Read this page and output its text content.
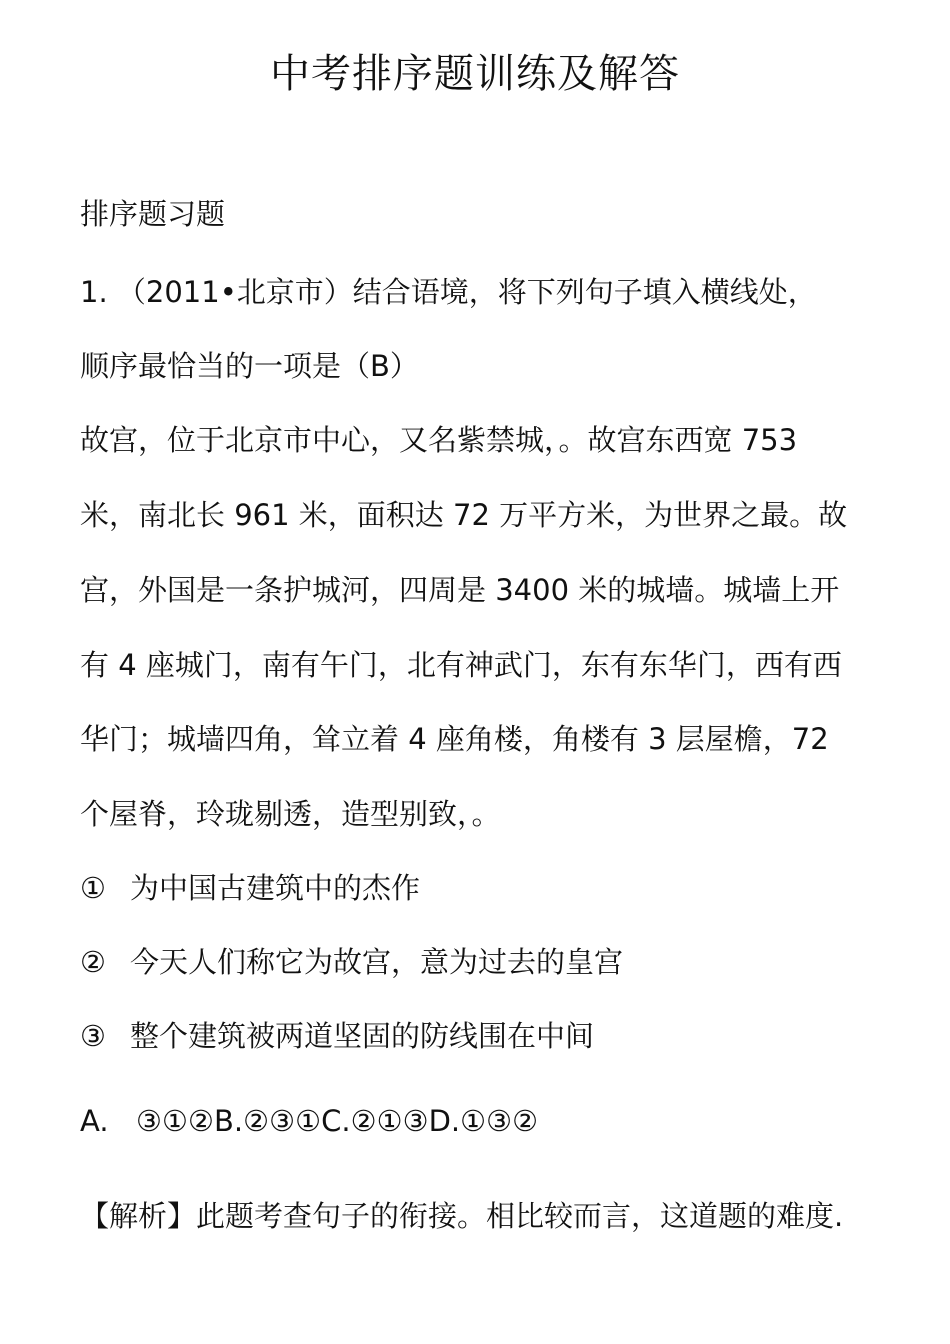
中考排序题训练及解答
排序题习题
1. （2011•北京市）结合语境，将下列句子填入横线处，
顺序最恰当的一项是（B）
故宫，位于北京市中心，又名紫禁城，。故宫东西宽 753
米，南北长 961 米，面积达 72 万平方米，为世界之最。故
宫，外国是一条护城河，四周是 3400 米的城墙。城墙上开
有 4 座城门，南有午门，北有神武门，东有东华门，西有西
华门；城墙四角，耸立着 4 座角楼，角楼有 3 层屋檐，72
个屋脊，玲珑剔透，造型别致，。
① 为中国古建筑中的杰作
② 今天人们称它为故宫，意为过去的皇宫
③ 整个建筑被两道坚固的防线围在中间
A. ③①②B.②③①C.②①③D.①③②
【解析】此题考查句子的衔接。相比较而言，这道题的难度.
